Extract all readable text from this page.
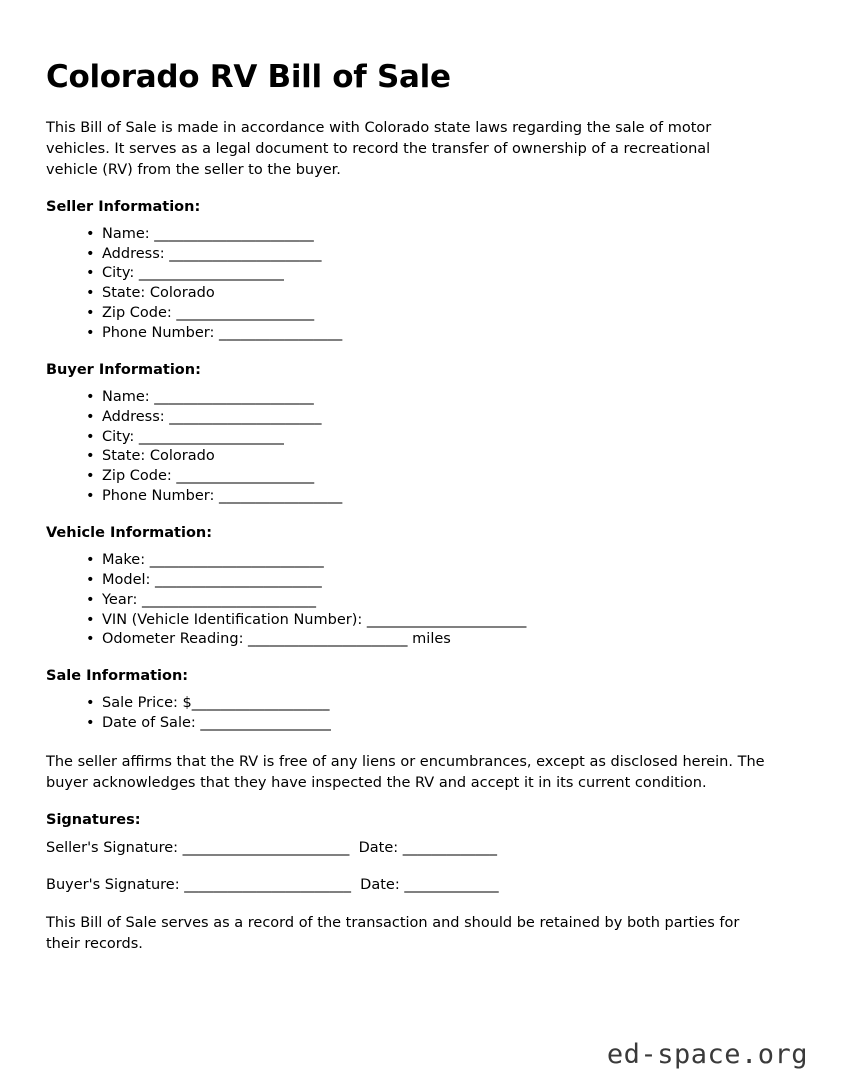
Colorado RV Bill of Sale

This Bill of Sale is made in accordance with Colorado state laws regarding the sale of motor vehicles. It serves as a legal document to record the transfer of ownership of a recreational vehicle (RV) from the seller to the buyer.

Seller Information:
• Name: ______________________
• Address: _____________________
• City: ____________________
• State: Colorado
• Zip Code: ___________________
• Phone Number: _________________
Buyer Information:
• Name: ______________________
• Address: _____________________
• City: ____________________
• State: Colorado
• Zip Code: ___________________
• Phone Number: _________________
Vehicle Information:
• Make: ________________________
• Model: _______________________
• Year: ________________________
• VIN (Vehicle Identification Number): ______________________
• Odometer Reading: ______________________ miles
Sale Information:
• Sale Price: $___________________
• Date of Sale: __________________

The seller affirms that the RV is free of any liens or encumbrances, except as disclosed herein. The buyer acknowledges that they have inspected the RV and accept it in its current condition.

Signatures:
Seller's Signature: _______________________  Date: _____________
Buyer's Signature: _______________________  Date: _____________

This Bill of Sale serves as a record of the transaction and should be retained by both parties for their records.

ed-space.org
